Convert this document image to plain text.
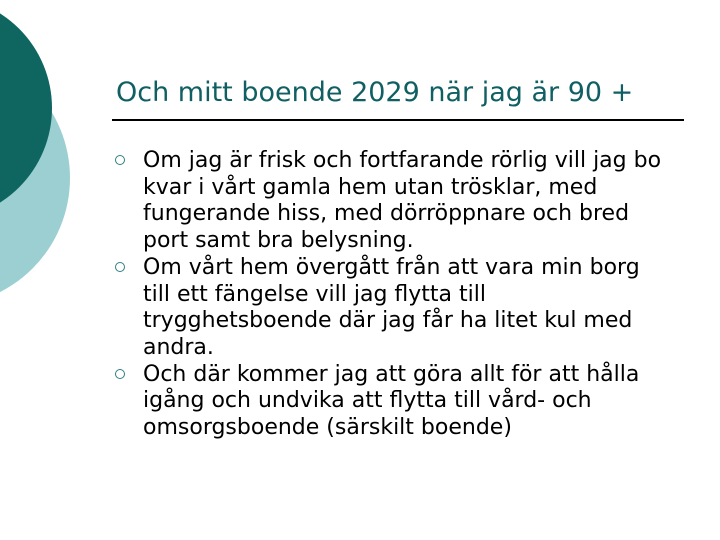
Och mitt boende 2029 när jag är 90 +
Om jag är frisk och fortfarande rörlig vill jag bo kvar i vårt gamla hem utan trösklar, med fungerande hiss, med dörröppnare och bred port samt bra belysning.
Om vårt hem övergått från att vara min borg till ett fängelse vill jag flytta till trygghetsboende där jag får ha litet kul med andra.
Och där kommer jag att göra allt för att hålla igång och undvika att flytta till vård- och omsorgsboende (särskilt boende)
